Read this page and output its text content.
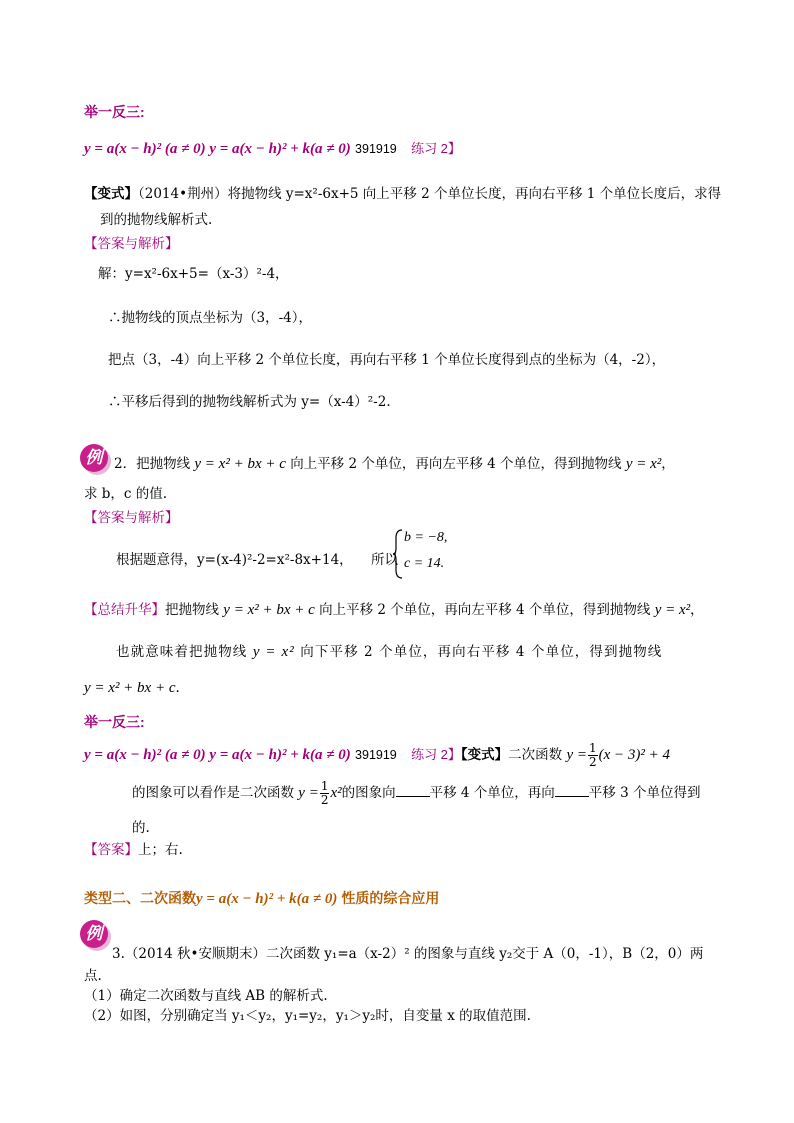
举一反三:
y = a(x − h)² (a ≠ 0) y = a(x − h)² + k(a ≠ 0) 391919 练习 2】
【变式】（2014•荆州）将抛物线 y=x²-6x+5 向上平移 2 个单位长度，再向右平移 1 个单位长度后，求得
到的抛物线解析式.
【答案与解析】
解：y=x²-6x+5=（x-3）²-4，
∴抛物线的顶点坐标为（3，-4），
把点（3，-4）向上平移 2 个单位长度，再向右平移 1 个单位长度得到点的坐标为（4，-2），
∴平移后得到的抛物线解析式为 y=（x-4）²-2.
例 2．把抛物线 y = x² + bx + c 向上平移 2 个单位，再向左平移 4 个单位，得到抛物线 y = x²，
求 b，c 的值.
【答案与解析】
根据题意得，y=(x-4)²-2=x²-8x+14， 所以
b = −8,
c = 14.
【总结升华】把抛物线 y = x² + bx + c 向上平移 2 个单位，再向左平移 4 个单位，得到抛物线 y = x²，
也就意味着把抛物线 y = x² 向下平移 2 个单位，再向右平移 4 个单位，得到抛物线
y = x² + bx + c.
举一反三:
y = a(x − h)² (a ≠ 0) y = a(x − h)² + k(a ≠ 0) 391919 练习 2】【变式】二次函数 $y = \frac{1}{2} (x - 3)^2 + 4$
的图象可以看作是二次函数 $y = \frac{1}{2} x^2$的图象向	平移 4 个单位，再向	平移 3 个单位得到
的.
【答案】上；右.
类型二、二次函数y = a(x − h)² + k(a ≠ 0) 性质的综合应用
例
3.（2014 秋•安顺期末）二次函数 y₁=a（x-2）² 的图象与直线 y₂交于 A（0，-1），B（2，0）两
点.
（1）确定二次函数与直线 AB 的解析式.
（2）如图，分别确定当 y₁＜y₂，y₁=y₂，y₁＞y₂时，自变量 x 的取值范围.
